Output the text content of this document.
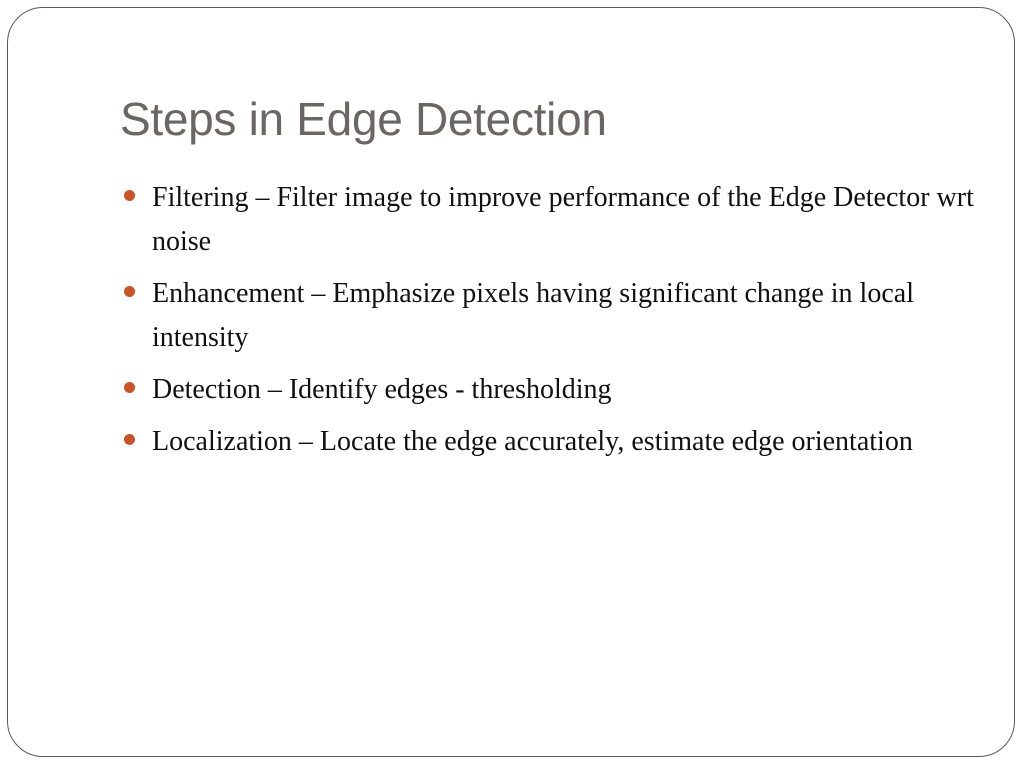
Steps in Edge Detection
Filtering – Filter image to improve performance of the Edge Detector wrt noise
Enhancement – Emphasize pixels having significant change in local intensity
Detection – Identify edges - thresholding
Localization – Locate the edge accurately, estimate edge orientation
